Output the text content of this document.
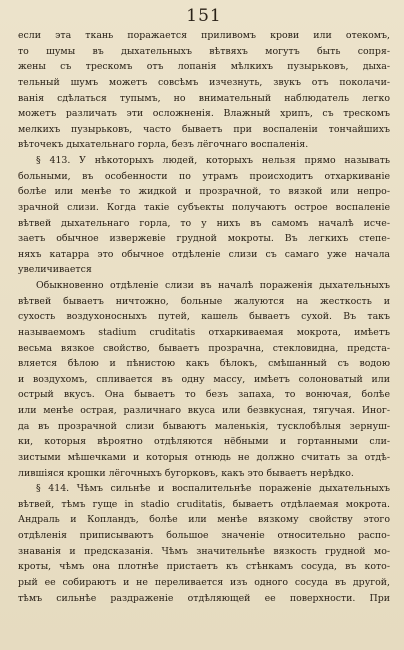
151
если эта ткань поражается приливомъ крови или отекомъ,
то шумы въ дыхательныхъ вѣтвяхъ могутъ быть сопря-
жены съ трескомъ отъ лопанія мѣлкихъ пузырьковъ, дыха-
тельный шумъ можетъ совсѣмъ изчезнуть, звукъ отъ поколачи-
ванія сдѣлаться тупымъ, но внимательный наблюдатель легко
можетъ различать эти осложненія. Влажный хрипъ, съ трескомъ
мелкихъ пузырьковъ, часто бываетъ при воспаленіи тончайшихъ
вѣточекъ дыхательнаго горла, безъ лёгочнаго воспаленія.
§ 413. У нѣкоторыхъ людей, которыхъ нельзя прямо называть
больными, въ особенности по утрамъ происходитъ отхаркиваніе
болѣе или менѣе то жидкой и прозрачной, то вязкой или непро-
зрачной слизи. Когда такіе субъекты получаютъ острое воспаленіе
вѣтвей дыхательнаго горла, то у нихъ въ самомъ началѣ исче-
заетъ обычное извержевіе грудной мокроты. Въ легкихъ степе-
няхъ катарра это обычное отдѣленіе слизи съ самаго уже начала
увеличивается
Обыкновенно отдѣленіе слизи въ началѣ пораженія дыхательныхъ
вѣтвей бываетъ ничтожно, больные жалуются на жесткость и
сухость воздухоносныхъ путей, кашель бываетъ сухой. Въ такъ
называемомъ stadium cruditatis отхаркиваемая мокрота, имѣетъ
весьма вязкое свойство, бываетъ прозрачна, стекловидна, предста-
вляется бѣлою и пѣнистою какъ бѣлокъ, смѣшанный съ водою
и воздухомъ, спливается въ одну массу, имѣетъ солоноватый или
острый вкусъ. Она бываетъ то безъ запаха, то вонючая, болѣе
или менѣе острая, различнаго вкуса или безвкусная, тягучая. Иног-
да въ прозрачной слизи бываютъ маленькія, тусклобѣлыя зернуш-
ки, которыя вѣроятно отдѣляются нёбными и гортанными сли-
зистыми мѣшечками и которыя отнюдь не должно считать за отдѣ-
лившіяся крошки лёгочныхъ бугорковъ, какъ это бываетъ нерѣдко.
§ 414. Чѣмъ сильнѣе и воспалительнѣе пораженіе дыхательныхъ
вѣтвей, тѣмъ гуще in stadio cruditatis, бываетъ отдѣлаемая мокрота.
Андраль и Копландъ, болѣе или менѣе вязкому свойству этого
отдѣленія приписываютъ большое значеніе относительно распо-
знаванія и предсказанія. Чѣмъ значительнѣе вязкость грудной мо-
кроты, чѣмъ она плотнѣе пристаетъ къ стѣнкамъ сосуда, въ кото-
рый ее собираютъ и не переливается изъ одного сосуда въ другой,
тѣмъ сильнѣе раздраженіе отдѣляющей ее поверхности. При
